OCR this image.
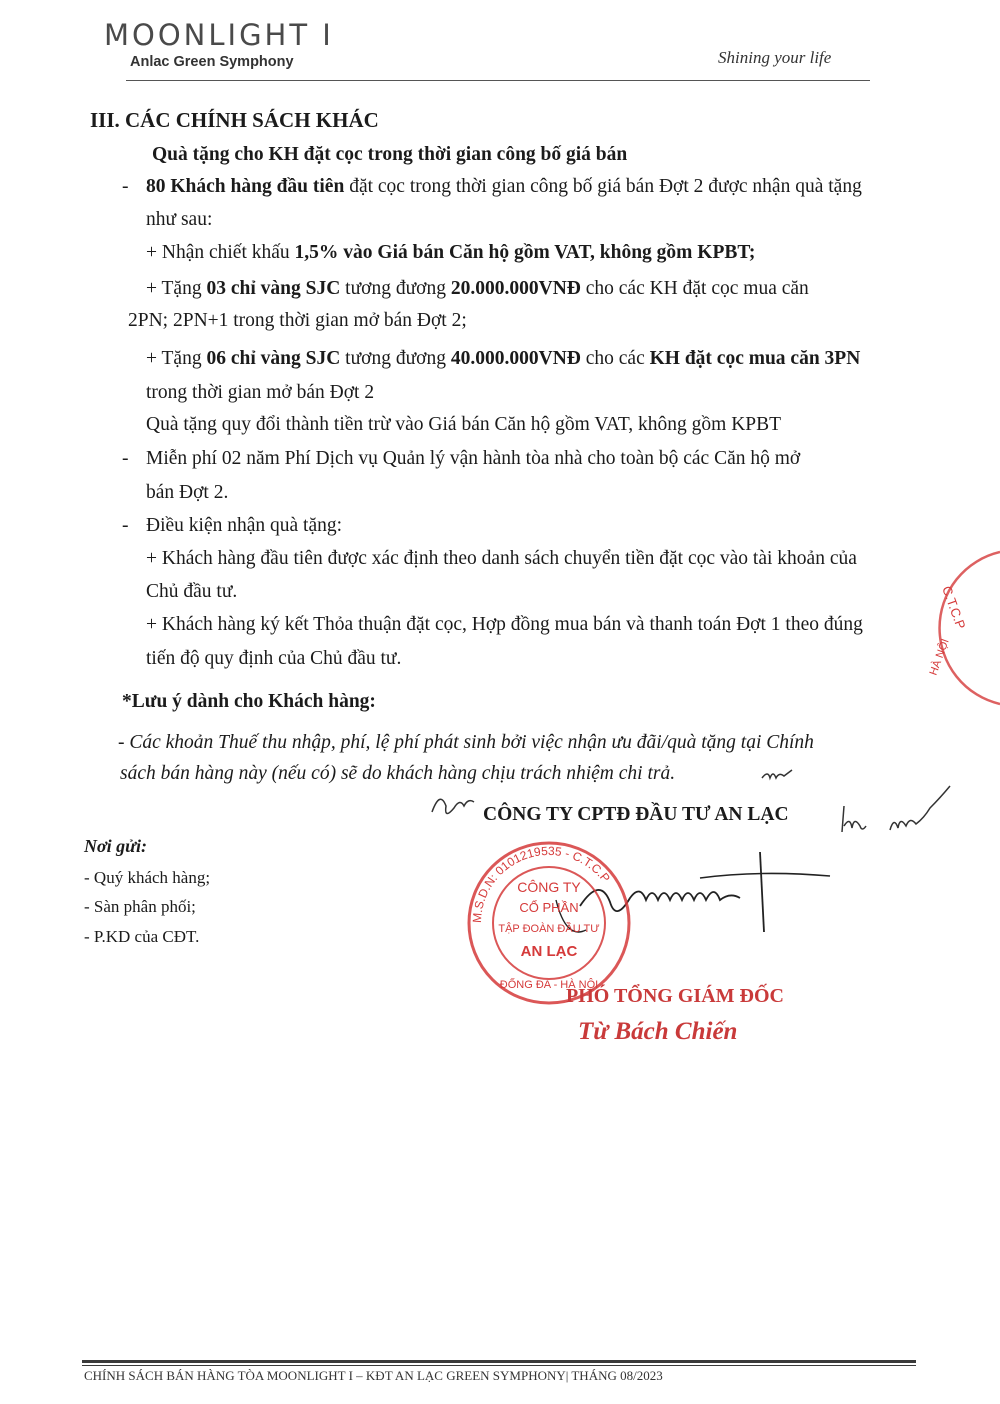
MOONLIGHT I
Anlac Green Symphony	Shining your life
III. CÁC CHÍNH SÁCH KHÁC
Quà tặng cho KH đặt cọc trong thời gian công bố giá bán
- 80 Khách hàng đầu tiên đặt cọc trong thời gian công bố giá bán Đợt 2 được nhận quà tặng
như sau:
+ Nhận chiết khấu 1,5% vào Giá bán Căn hộ gồm VAT, không gồm KPBT;
+ Tặng 03 chỉ vàng SJC tương đương 20.000.000VNĐ cho các KH đặt cọc mua căn
2PN; 2PN+1 trong thời gian mở bán Đợt 2;
+ Tặng 06 chỉ vàng SJC tương đương 40.000.000VNĐ cho các KH đặt cọc mua căn 3PN
trong thời gian mở bán Đợt 2
Quà tặng quy đổi thành tiền trừ vào Giá bán Căn hộ gồm VAT, không gồm KPBT
- Miễn phí 02 năm Phí Dịch vụ Quản lý vận hành tòa nhà cho toàn bộ các Căn hộ mở
bán Đợt 2.
- Điều kiện nhận quà tặng:
+ Khách hàng đầu tiên được xác định theo danh sách chuyển tiền đặt cọc vào tài khoản của
Chủ đầu tư.
+ Khách hàng ký kết Thỏa thuận đặt cọc, Hợp đồng mua bán và thanh toán Đợt 1 theo đúng
tiến độ quy định của Chủ đầu tư.
*Lưu ý dành cho Khách hàng:
- Các khoản Thuế thu nhập, phí, lệ phí phát sinh bởi việc nhận ưu đãi/quà tặng tại Chính
sách bán hàng này (nếu có) sẽ do khách hàng chịu trách nhiệm chi trả.
CÔNG TY CPTĐ ĐẦU TƯ AN LẠC
Nơi gửi:
- Quý khách hàng;
- Sàn phân phối;
- P.KD của CĐT.
M.S.D.N: 0101219535 - C.T.C.P
CÔNG TY
CỔ PHẦN
TẬP ĐOÀN ĐẦU TƯ
AN LẠC
ĐỐNG ĐA - HÀ NỘI
C.T.C.P
HÀ NỘI
PHÓ TỔNG GIÁM ĐỐC
Từ Bách Chiến
CHÍNH SÁCH BÁN HÀNG TÒA MOONLIGHT I – KĐT AN LẠC GREEN SYMPHONY| THÁNG 08/2023
